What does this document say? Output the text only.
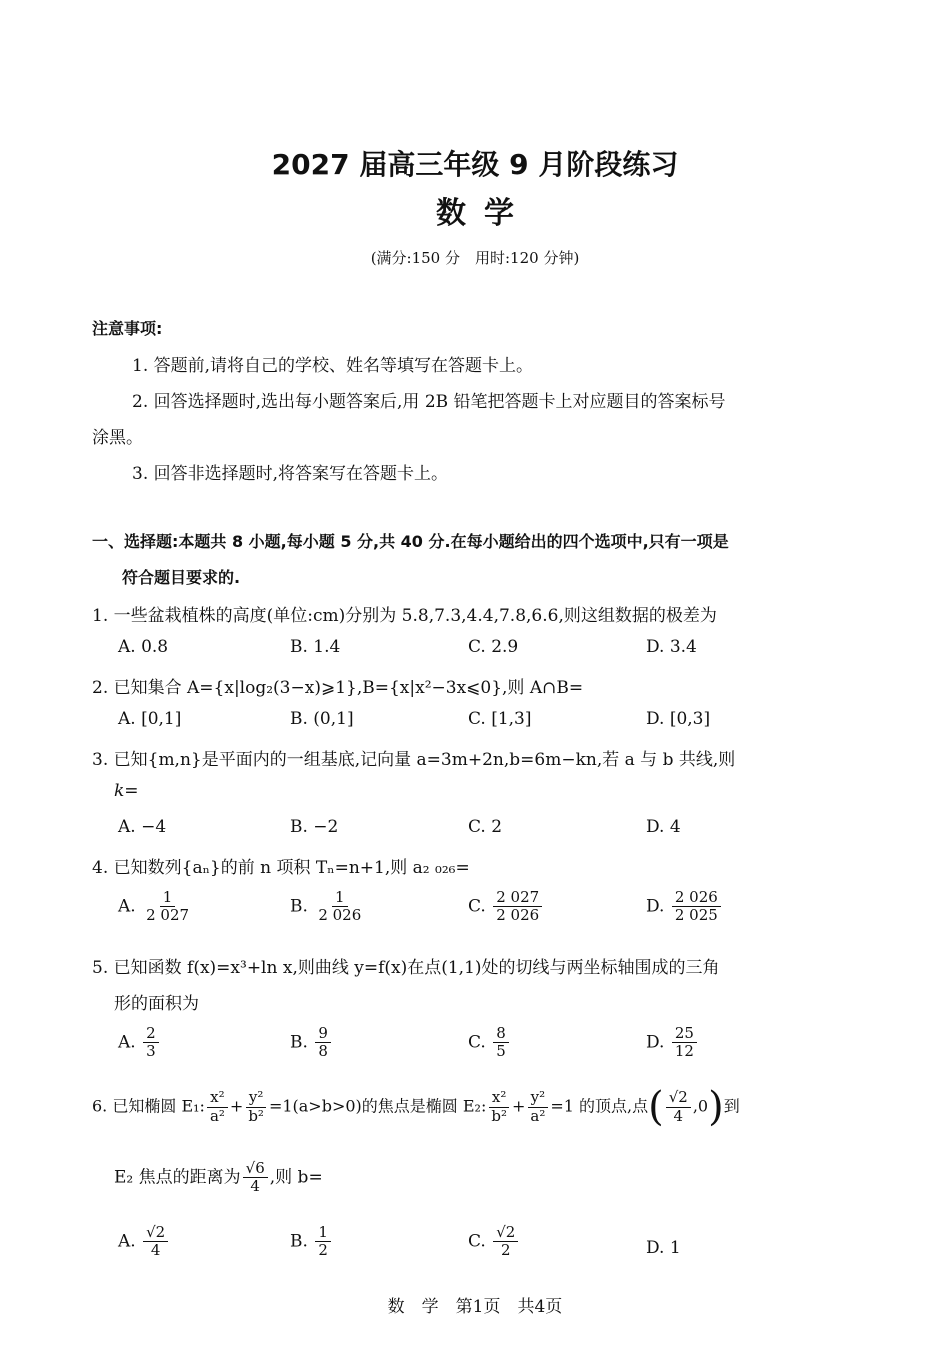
2027 届高三年级 9 月阶段练习
数学
(满分:150 分　用时:120 分钟)
注意事项:
1. 答题前,请将自己的学校、姓名等填写在答题卡上。
2. 回答选择题时,选出每小题答案后,用 2B 铅笔把答题卡上对应题目的答案标号
涂黑。
3. 回答非选择题时,将答案写在答题卡上。
一、选择题:本题共 8 小题,每小题 5 分,共 40 分.在每小题给出的四个选项中,只有一项是
符合题目要求的.
1. 一些盆栽植株的高度(单位:cm)分别为 5.8,7.3,4.4,7.8,6.6,则这组数据的极差为
A. 0.8	B. 1.4	C. 2.9	D. 3.4
2. 已知集合 A={x|log₂(3−x)⩾1},B={x|x²−3x⩽0},则 A∩B=
A. [0,1]	B. (0,1]	C. [1,3]	D. [0,3]
3. 已知{m,n}是平面内的一组基底,记向量 a=3m+2n,b=6m−kn,若 a 与 b 共线,则
k=
A. −4	B. −2	C. 2	D. 4
4. 已知数列{aₙ}的前 n 项积 Tₙ=n+1,则 a₂ ₀₂₆=
A. $\frac{1}{2 027}$	B. $\frac{1}{2 026}$	C. $\frac{2 027}{2 026}$	D. $\frac{2 026}{2 025}$
5. 已知函数 f(x)=x³+ln x,则曲线 y=f(x)在点(1,1)处的切线与两坐标轴围成的三角
形的面积为
A. $\frac{2}{3}$	B. $\frac{9}{8}$	C. $\frac{8}{5}$	D. $\frac{25}{12}$
6. 已知椭圆 E₁: $\frac{\text{x²}}{\text{a²}} + \frac{\text{y²}}{\text{b²}} =1(a>b>0)$的焦点是椭圆 E₂: $\frac{\text{x²}}{\text{b²}} + \frac{\text{y²}}{\text{a²}} =1$ 的顶点,点( $\frac{√2}{4} ,0$)到
E₂ 焦点的距离为 $\frac{√6}{4}$ ,则 b=
A. $\frac{√2}{4}$	B. $\frac{1}{2}$	C. $\frac{√2}{2}$	D. 1
数　学　第1页　共4页
